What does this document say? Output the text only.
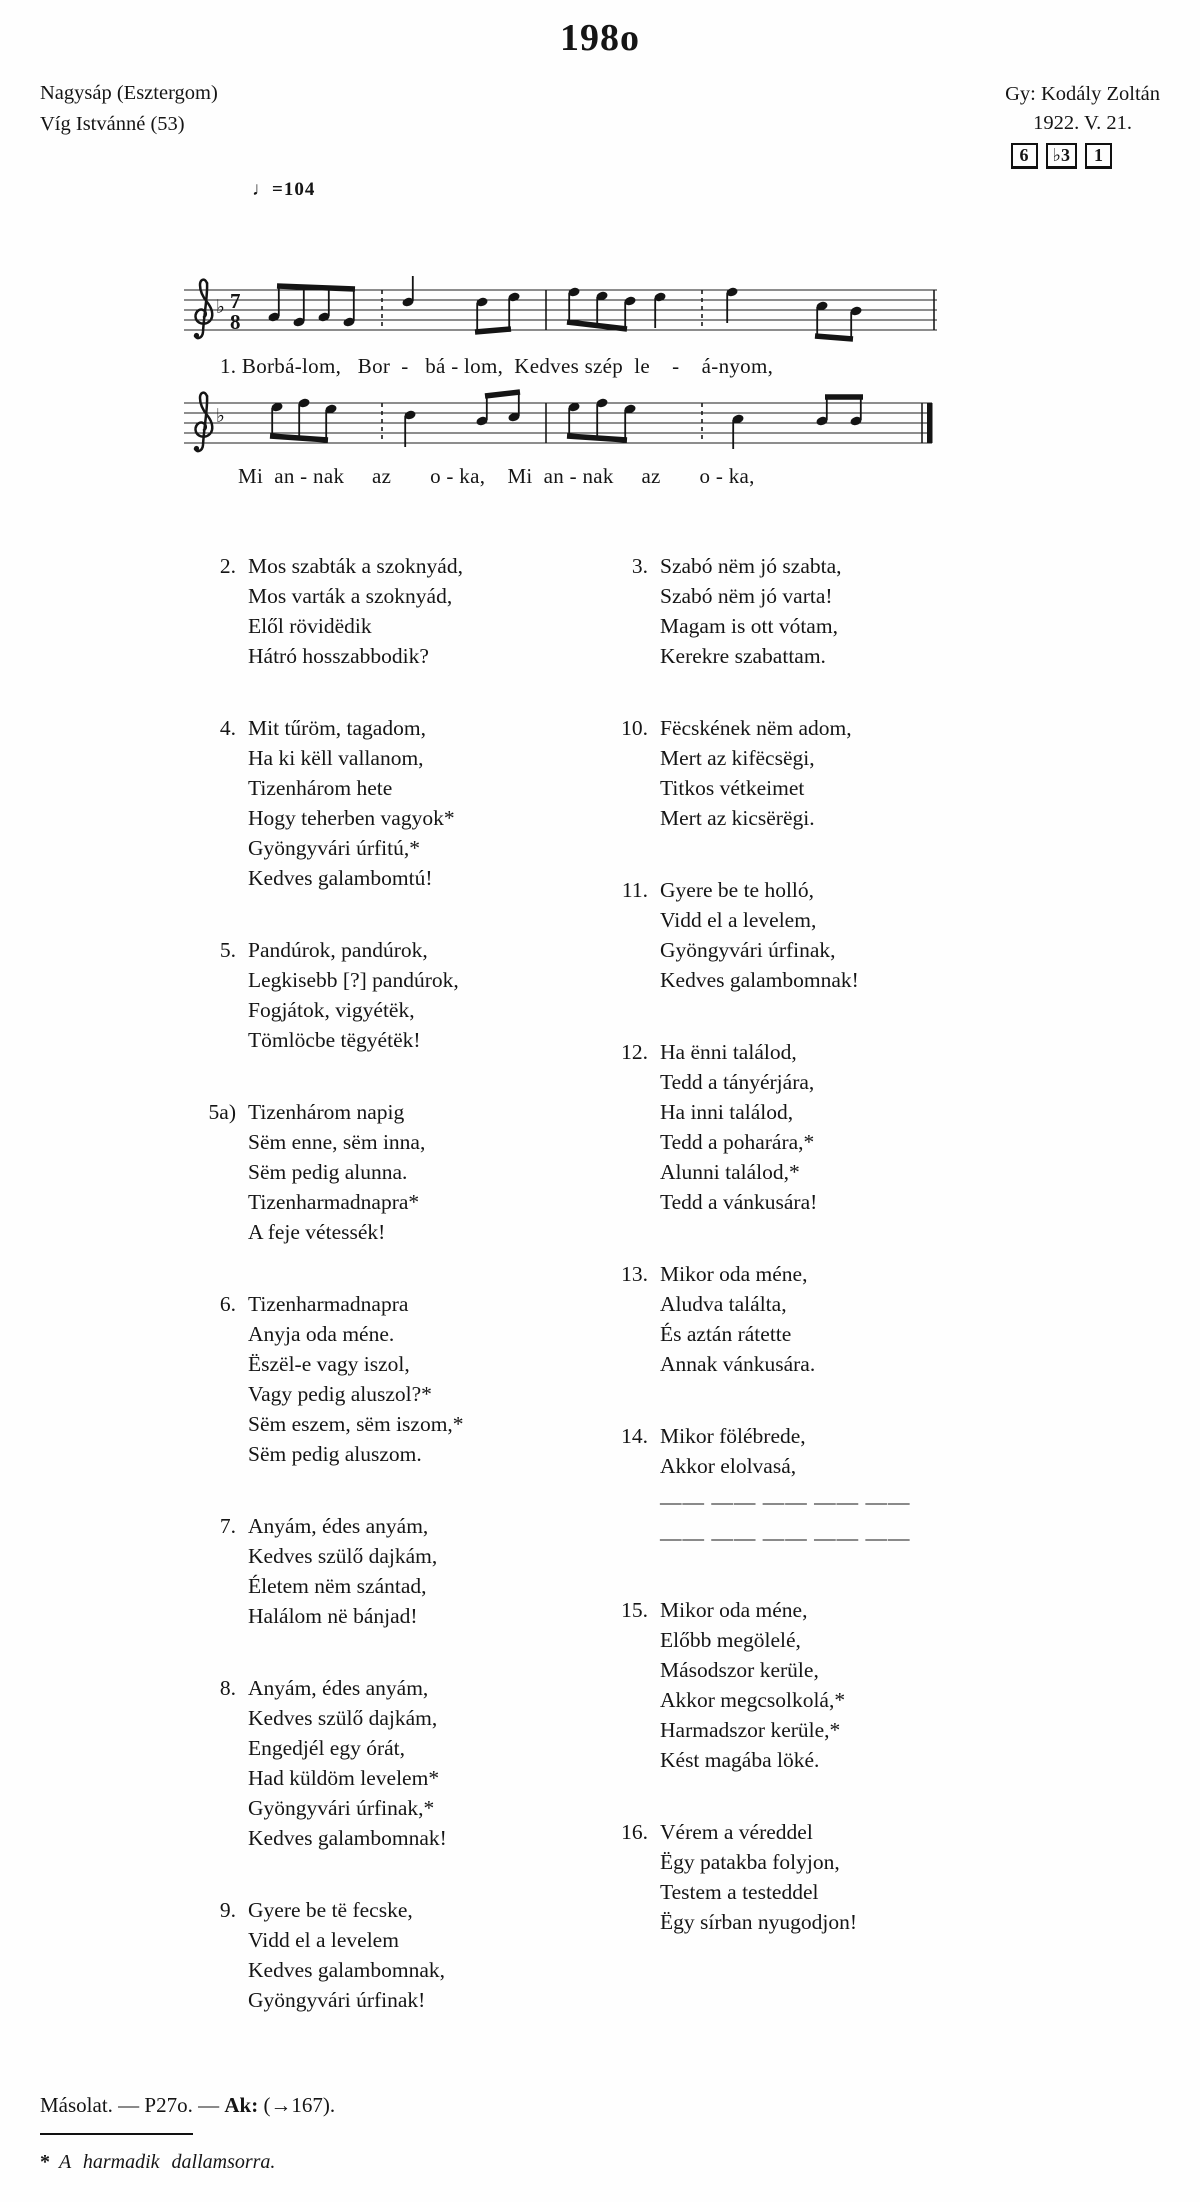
198o
Nagysáp (Esztergom)
Víg Istvánné (53)
Gy: Kodály Zoltán
1922. V. 21.
6	♭3	1
♩=104
♭ 7
8
1. Borbá-lom,   Bor  -   bá - lom,  Kedves szép  le    -    á-nyom,
♭
Mi  an - nak     az       o - ka,    Mi  an - nak     az       o - ka,
2. Mos szabták a szoknyád,
Mos varták a szoknyád,
Elől rövidëdik
Hátró hosszabbodik?
4. Mit tűröm, tagadom,
Ha ki këll vallanom,
Tizenhárom hete
Hogy teherben vagyok*
Gyöngyvári úrfitú,*
Kedves galambomtú!
5. Pandúrok, pandúrok,
Legkisebb [?] pandúrok,
Fogjátok, vigyétëk,
Tömlöcbe tëgyétëk!
5a) Tizenhárom napig
Sëm enne, sëm inna,
Sëm pedig alunna.
Tizenharmadnapra*
A feje vétessék!
6. Tizenharmadnapra
Anyja oda méne.
Ëszël-e vagy iszol,
Vagy pedig aluszol?*
Sëm eszem, sëm iszom,*
Sëm pedig aluszom.
7. Anyám, édes anyám,
Kedves szülő dajkám,
Életem nëm szántad,
Halálom në bánjad!
8. Anyám, édes anyám,
Kedves szülő dajkám,
Engedjél egy órát,
Had küldöm levelem*
Gyöngyvári úrfinak,*
Kedves galambomnak!
9. Gyere be të fecske,
Vidd el a levelem
Kedves galambomnak,
Gyöngyvári úrfinak!
3. Szabó nëm jó szabta,
Szabó nëm jó varta!
Magam is ott vótam,
Kerekre szabattam.
10. Fëcskének nëm adom,
Mert az kifëcsëgi,
Titkos vétkeimet
Mert az kicsërëgi.
11. Gyere be te holló,
Vidd el a levelem,
Gyöngyvári úrfinak,
Kedves galambomnak!
12. Ha ënni találod,
Tedd a tányérjára,
Ha inni találod,
Tedd a poharára,*
Alunni találod,*
Tedd a vánkusára!
13. Mikor oda méne,
Aludva találta,
És aztán rátette
Annak vánkusára.
14. Mikor fölébrede,
Akkor elolvasá,
—— —— —— —— ——
—— —— —— —— ——
15. Mikor oda méne,
Előbb megölelé,
Másodszor kerüle,
Akkor megcsolkolá,*
Harmadszor kerüle,*
Kést magába löké.
16. Vérem a véreddel
Ëgy patakba folyjon,
Testem a testeddel
Ëgy sírban nyugodjon!
Másolat. — P27o. — Ak: (→167).
* A harmadik dallamsorra.
